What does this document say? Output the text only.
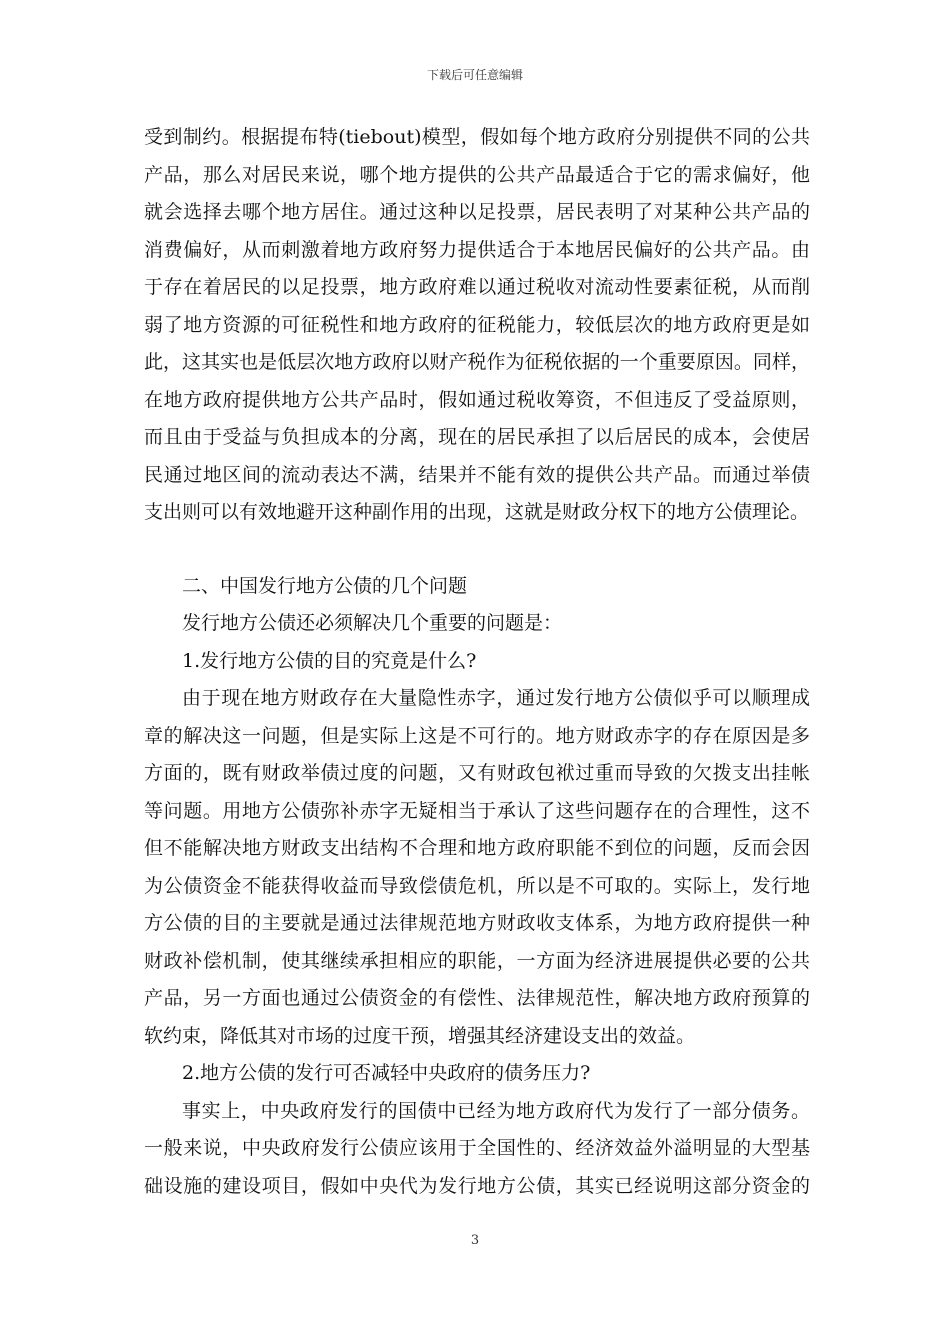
下载后可任意编辑
受到制约。根据提布特(tiebout)模型，假如每个地方政府分别提供不同的公共
产品，那么对居民来说，哪个地方提供的公共产品最适合于它的需求偏好，他
就会选择去哪个地方居住。通过这种以足投票，居民表明了对某种公共产品的
消费偏好，从而刺激着地方政府努力提供适合于本地居民偏好的公共产品。由
于存在着居民的以足投票，地方政府难以通过税收对流动性要素征税，从而削
弱了地方资源的可征税性和地方政府的征税能力，较低层次的地方政府更是如
此，这其实也是低层次地方政府以财产税作为征税依据的一个重要原因。同样，
在地方政府提供地方公共产品时，假如通过税收筹资，不但违反了受益原则，
而且由于受益与负担成本的分离，现在的居民承担了以后居民的成本，会使居
民通过地区间的流动表达不满，结果并不能有效的提供公共产品。而通过举债
支出则可以有效地避开这种副作用的出现，这就是财政分权下的地方公债理论。
二、中国发行地方公债的几个问题
发行地方公债还必须解决几个重要的问题是：
1.发行地方公债的目的究竟是什么?
由于现在地方财政存在大量隐性赤字，通过发行地方公债似乎可以顺理成
章的解决这一问题，但是实际上这是不可行的。地方财政赤字的存在原因是多
方面的，既有财政举债过度的问题，又有财政包袱过重而导致的欠拨支出挂帐
等问题。用地方公债弥补赤字无疑相当于承认了这些问题存在的合理性，这不
但不能解决地方财政支出结构不合理和地方政府职能不到位的问题，反而会因
为公债资金不能获得收益而导致偿债危机，所以是不可取的。实际上，发行地
方公债的目的主要就是通过法律规范地方财政收支体系，为地方政府提供一种
财政补偿机制，使其继续承担相应的职能，一方面为经济进展提供必要的公共
产品，另一方面也通过公债资金的有偿性、法律规范性，解决地方政府预算的
软约束，降低其对市场的过度干预，增强其经济建设支出的效益。
2.地方公债的发行可否减轻中央政府的债务压力?
事实上，中央政府发行的国债中已经为地方政府代为发行了一部分债务。
一般来说，中央政府发行公债应该用于全国性的、经济效益外溢明显的大型基
础设施的建设项目，假如中央代为发行地方公债，其实已经说明这部分资金的
3
